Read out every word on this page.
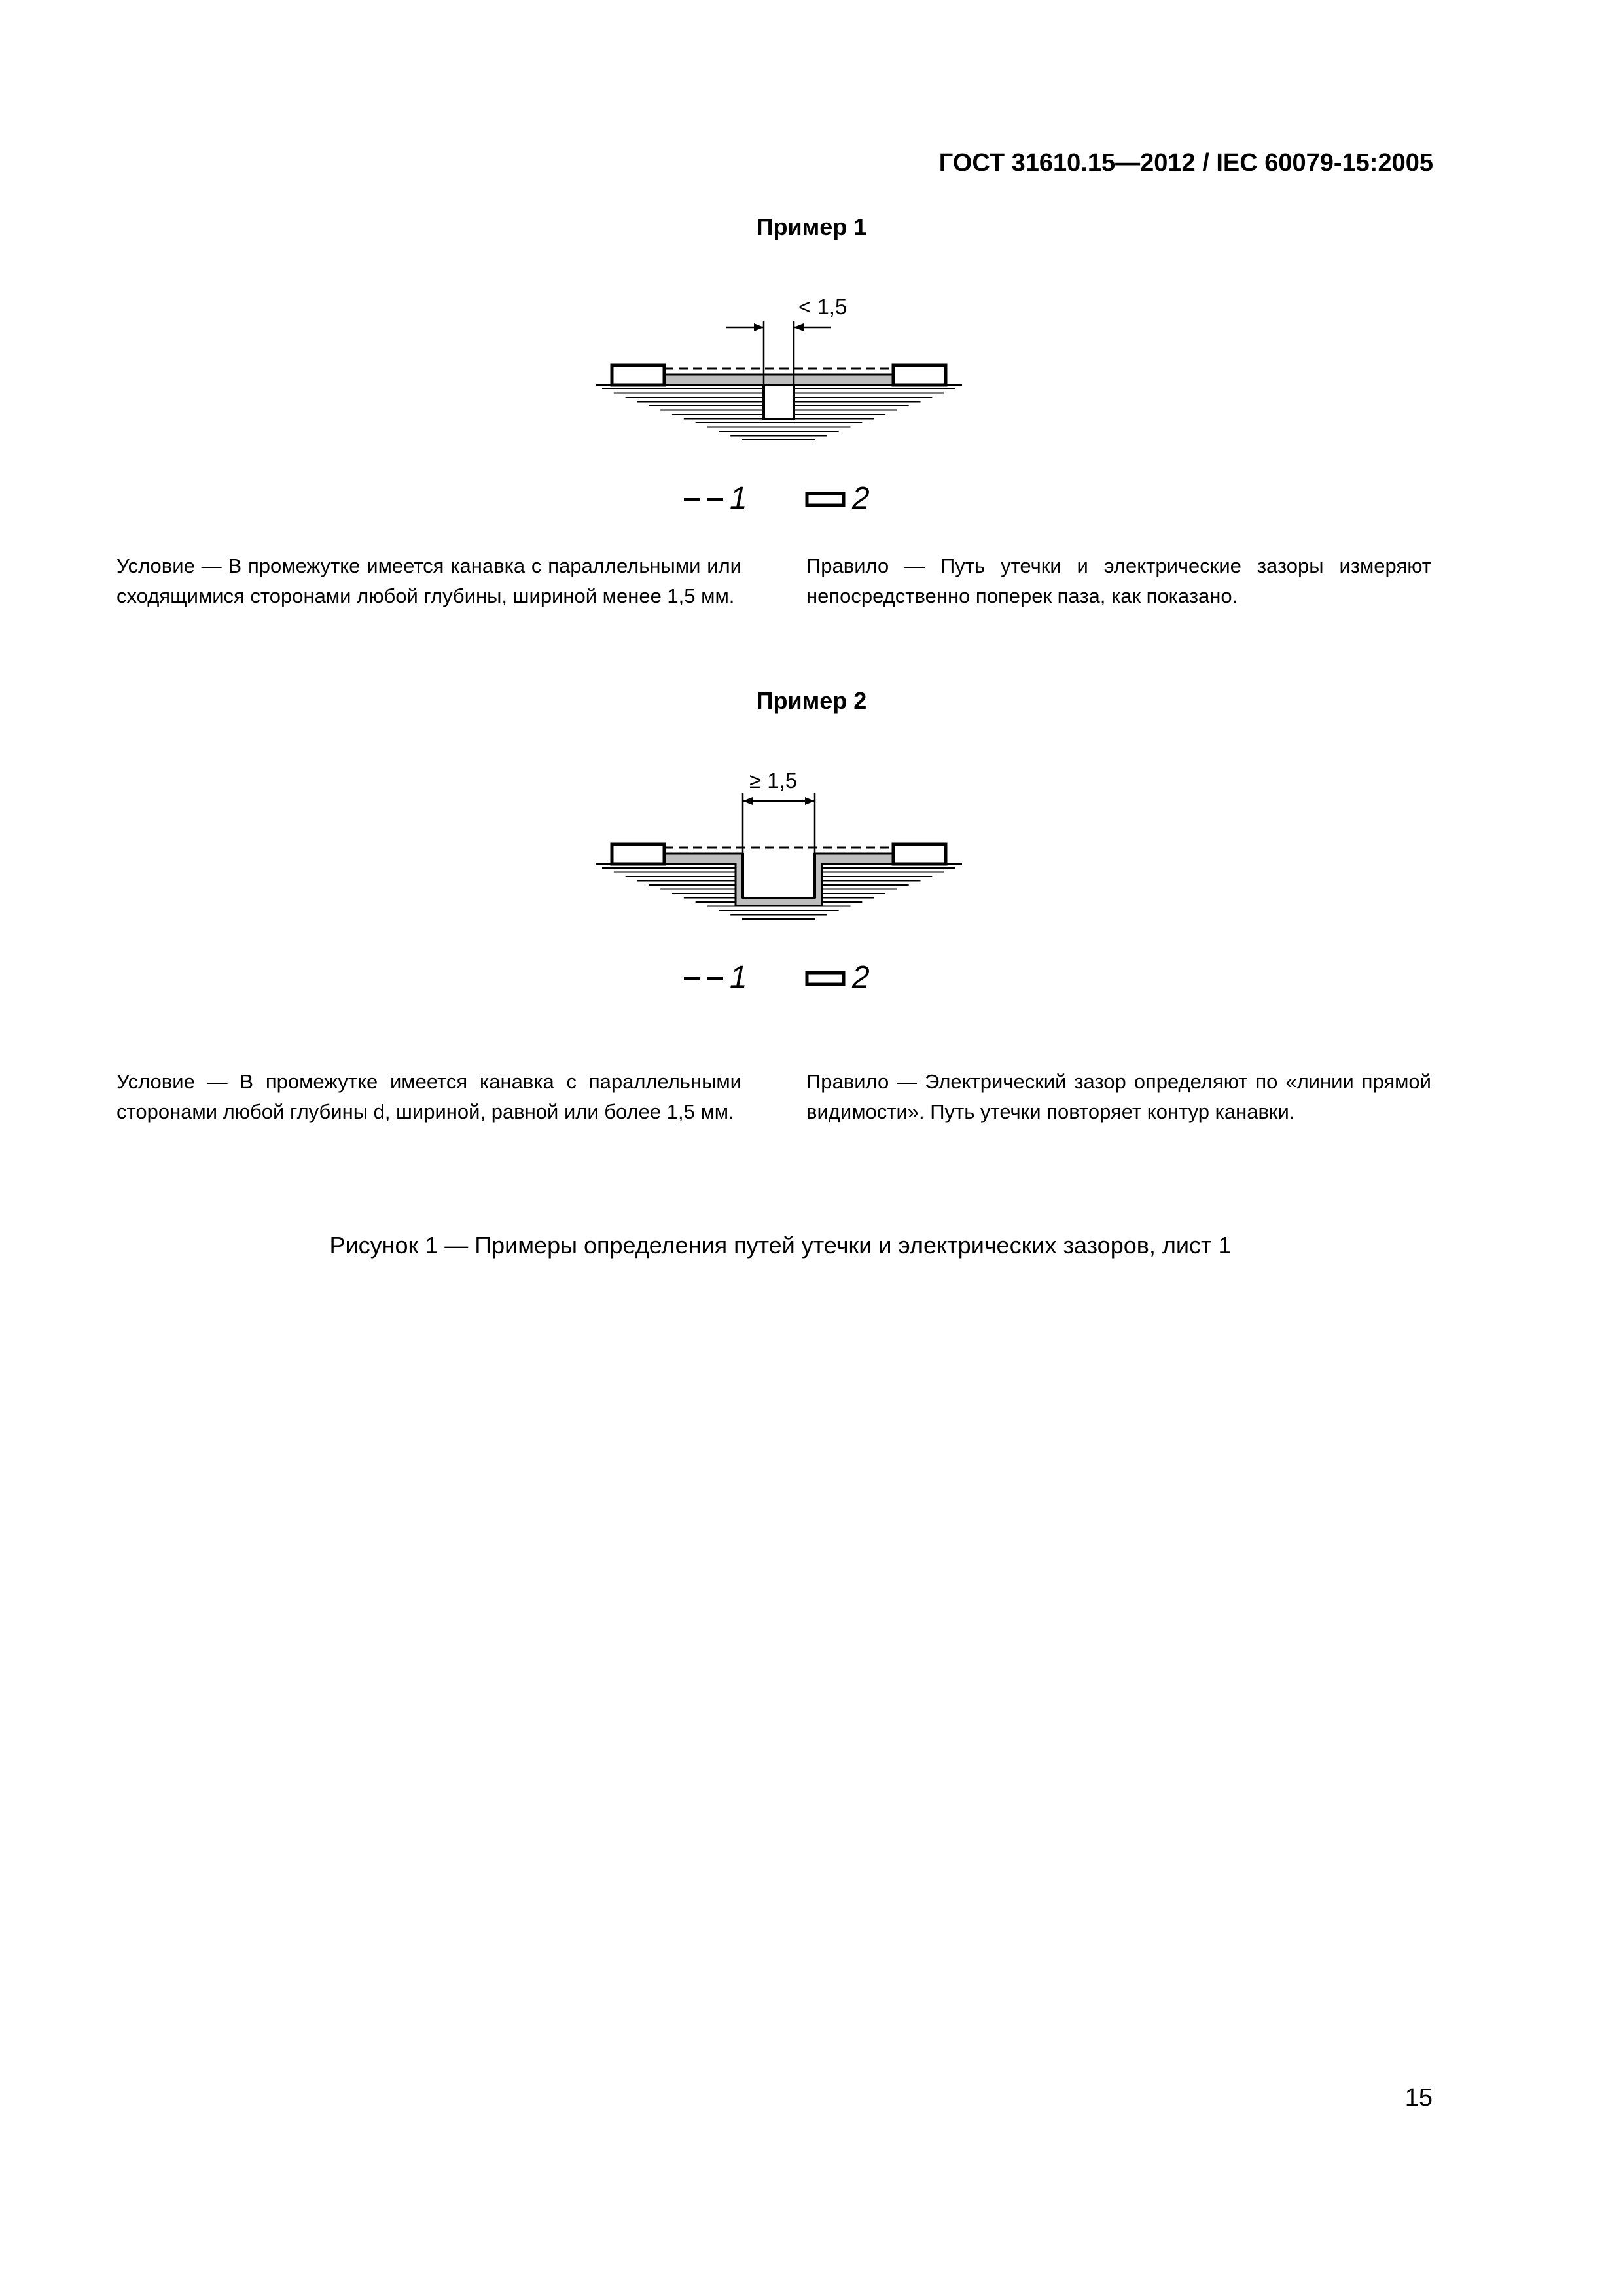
ГОСТ 31610.15—2012 / IEC 60079-15:2005
Пример 1
< 1,5
1	2
Условие — В промежутке имеется канавка с параллельными или сходящимися сторонами любой глубины, шириной менее 1,5 мм.
Правило — Путь утечки и электрические зазоры измеряют непосредственно поперек паза, как показано.
Пример 2
≥ 1,5
1	2
Условие — В промежутке имеется канавка с параллельными сторонами любой глубины d, шириной, равной или более 1,5 мм.
Правило — Электрический зазор определяют по «линии прямой видимости». Путь утечки повторяет контур канавки.
Рисунок 1 — Примеры определения путей утечки и электрических зазоров, лист 1
15
